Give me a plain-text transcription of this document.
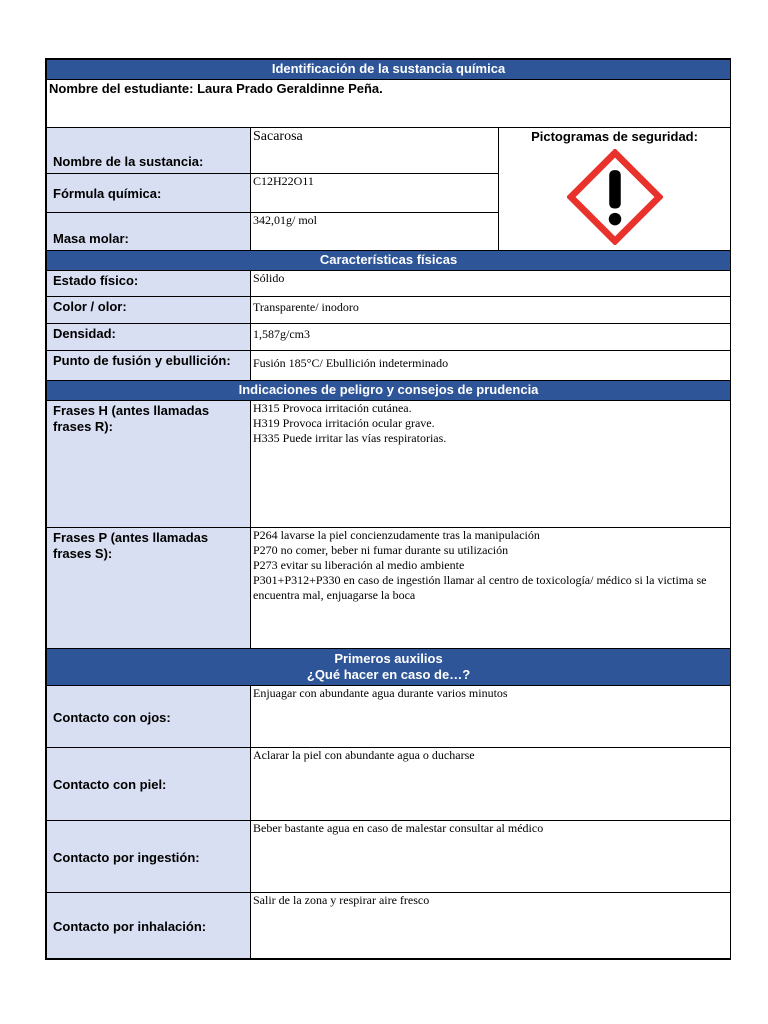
Identificación de la sustancia química		
Nombre del estudiante: Laura Prado Geraldinne Peña.		
Nombre de la sustancia:	Sacarosa	Pictogramas de seguridad:

Fórmula química:	C12H22O11	
Masa molar:	342,01g/ mol	
Características físicas		
Estado físico:	Sólido	
Color / olor:	Transparente/ inodoro	
Densidad:	1,587g/cm3	
Punto de fusión y ebullición:	Fusión 185°C/ Ebullición indeterminado	
Indicaciones de peligro y consejos de prudencia		
Frases H (antes llamadas frases R):	H315 Provoca irritación cutánea.
H319 Provoca irritación ocular grave.
H335 Puede irritar las vías respiratorias.	

Frases P (antes llamadas frases S):	P264 lavarse la piel concienzudamente tras la manipulación
P270 no comer, beber ni fumar durante su utilización
P273 evitar su liberación al medio ambiente
P301+P312+P330 en caso de ingestión llamar al centro de toxicología/ médico si la victima se encuentra mal, enjuagarse la boca	

Primeros auxilios
¿Qué hacer en caso de…?		

Contacto con ojos:	Enjuagar con abundante agua durante varios minutos	
Contacto con piel:	Aclarar la piel con abundante agua o ducharse	
Contacto por ingestión:	Beber bastante agua en caso de malestar consultar al médico	
Contacto por inhalación:	Salir de la zona y respirar aire fresco	
